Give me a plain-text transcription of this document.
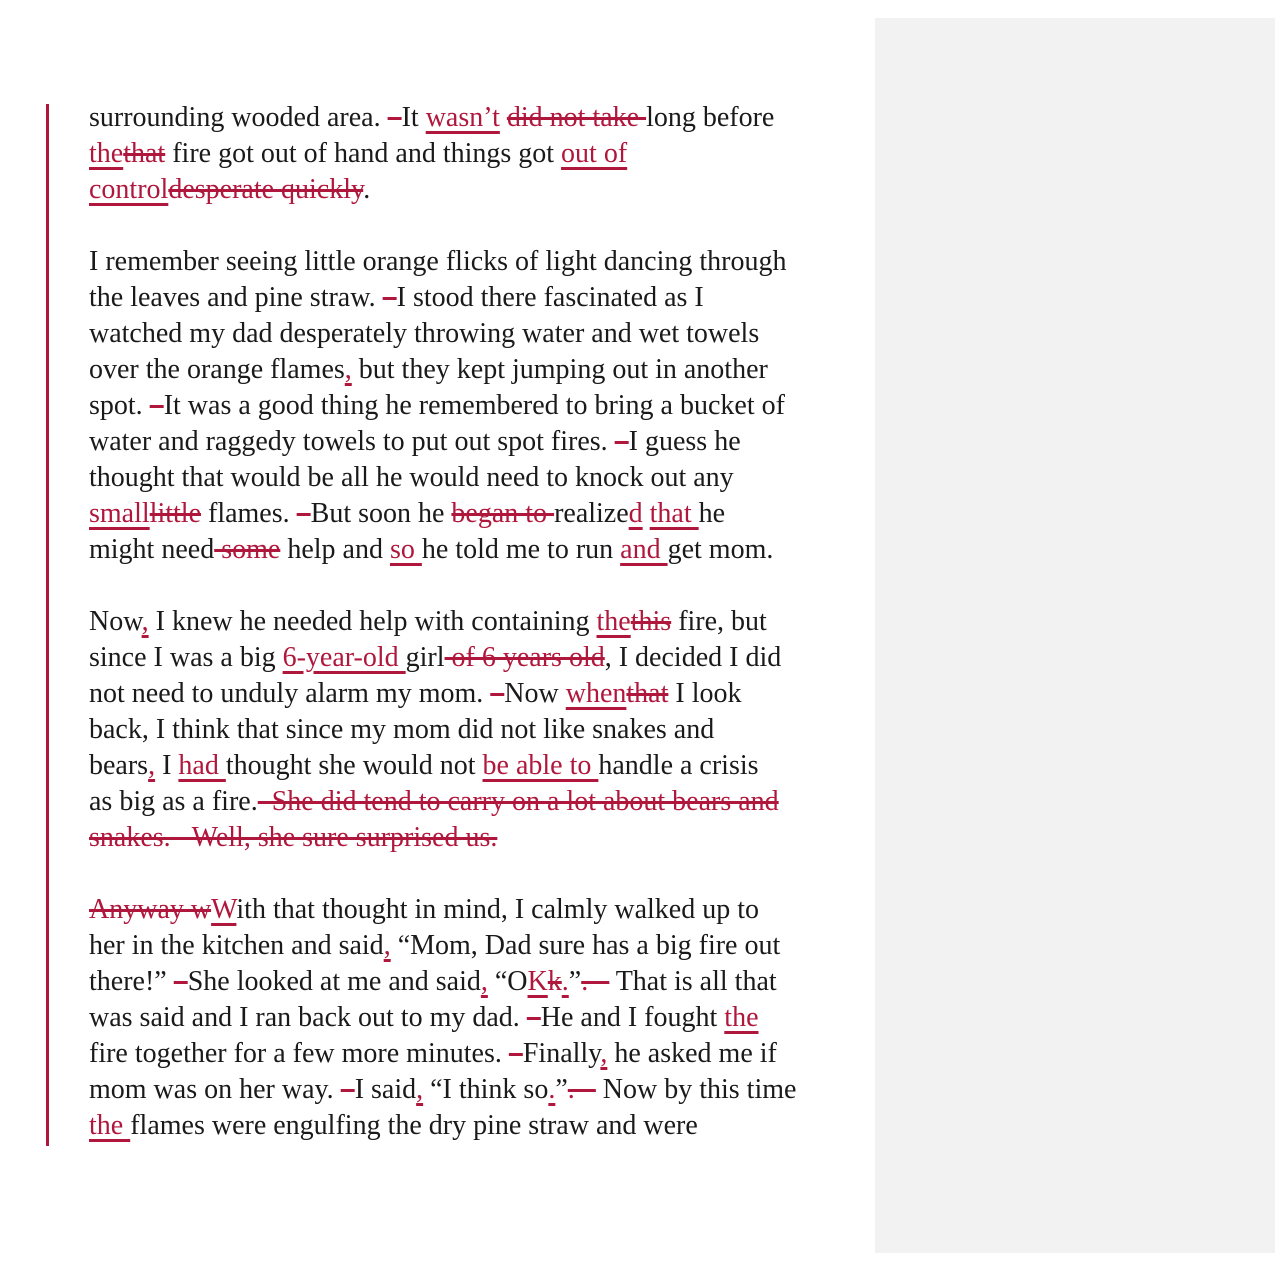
surrounding wooded area.   It wasn’t did not take long before
thethat fire got out of hand and things got out of
controldesperate quickly.
I remember seeing little orange flicks of light dancing through
the leaves and pine straw.   I stood there fascinated as I
watched my dad desperately throwing water and wet towels
over the orange flames, but they kept jumping out in another
spot.   It was a good thing he remembered to bring a bucket of
water and raggedy towels to put out spot fires.   I guess he
thought that would be all he would need to knock out any
smalllittle flames.   But soon he began to realized that he
might need some help and so he told me to run and get mom.
Now, I knew he needed help with containing thethis fire, but
since I was a big 6-year-old girl of 6 years old, I decided I did
not need to unduly alarm my mom.   Now whenthat I look
back, I think that since my mom did not like snakes and
bears, I had thought she would not be able to handle a crisis
as big as a fire.  She did tend to carry on a lot about bears and
snakes.   Well, she sure surprised us.
Anyway wWith that thought in mind, I calmly walked up to
her in the kitchen and said, “Mom, Dad sure has a big fire out
there!”   She looked at me and said, “OKk.”. – That is all that
was said and I ran back out to my dad.   He and I fought the
fire together for a few more minutes.   Finally, he asked me if
mom was on her way.   I said, “I think so.”. – Now by this time
the flames were engulfing the dry pine straw and were
